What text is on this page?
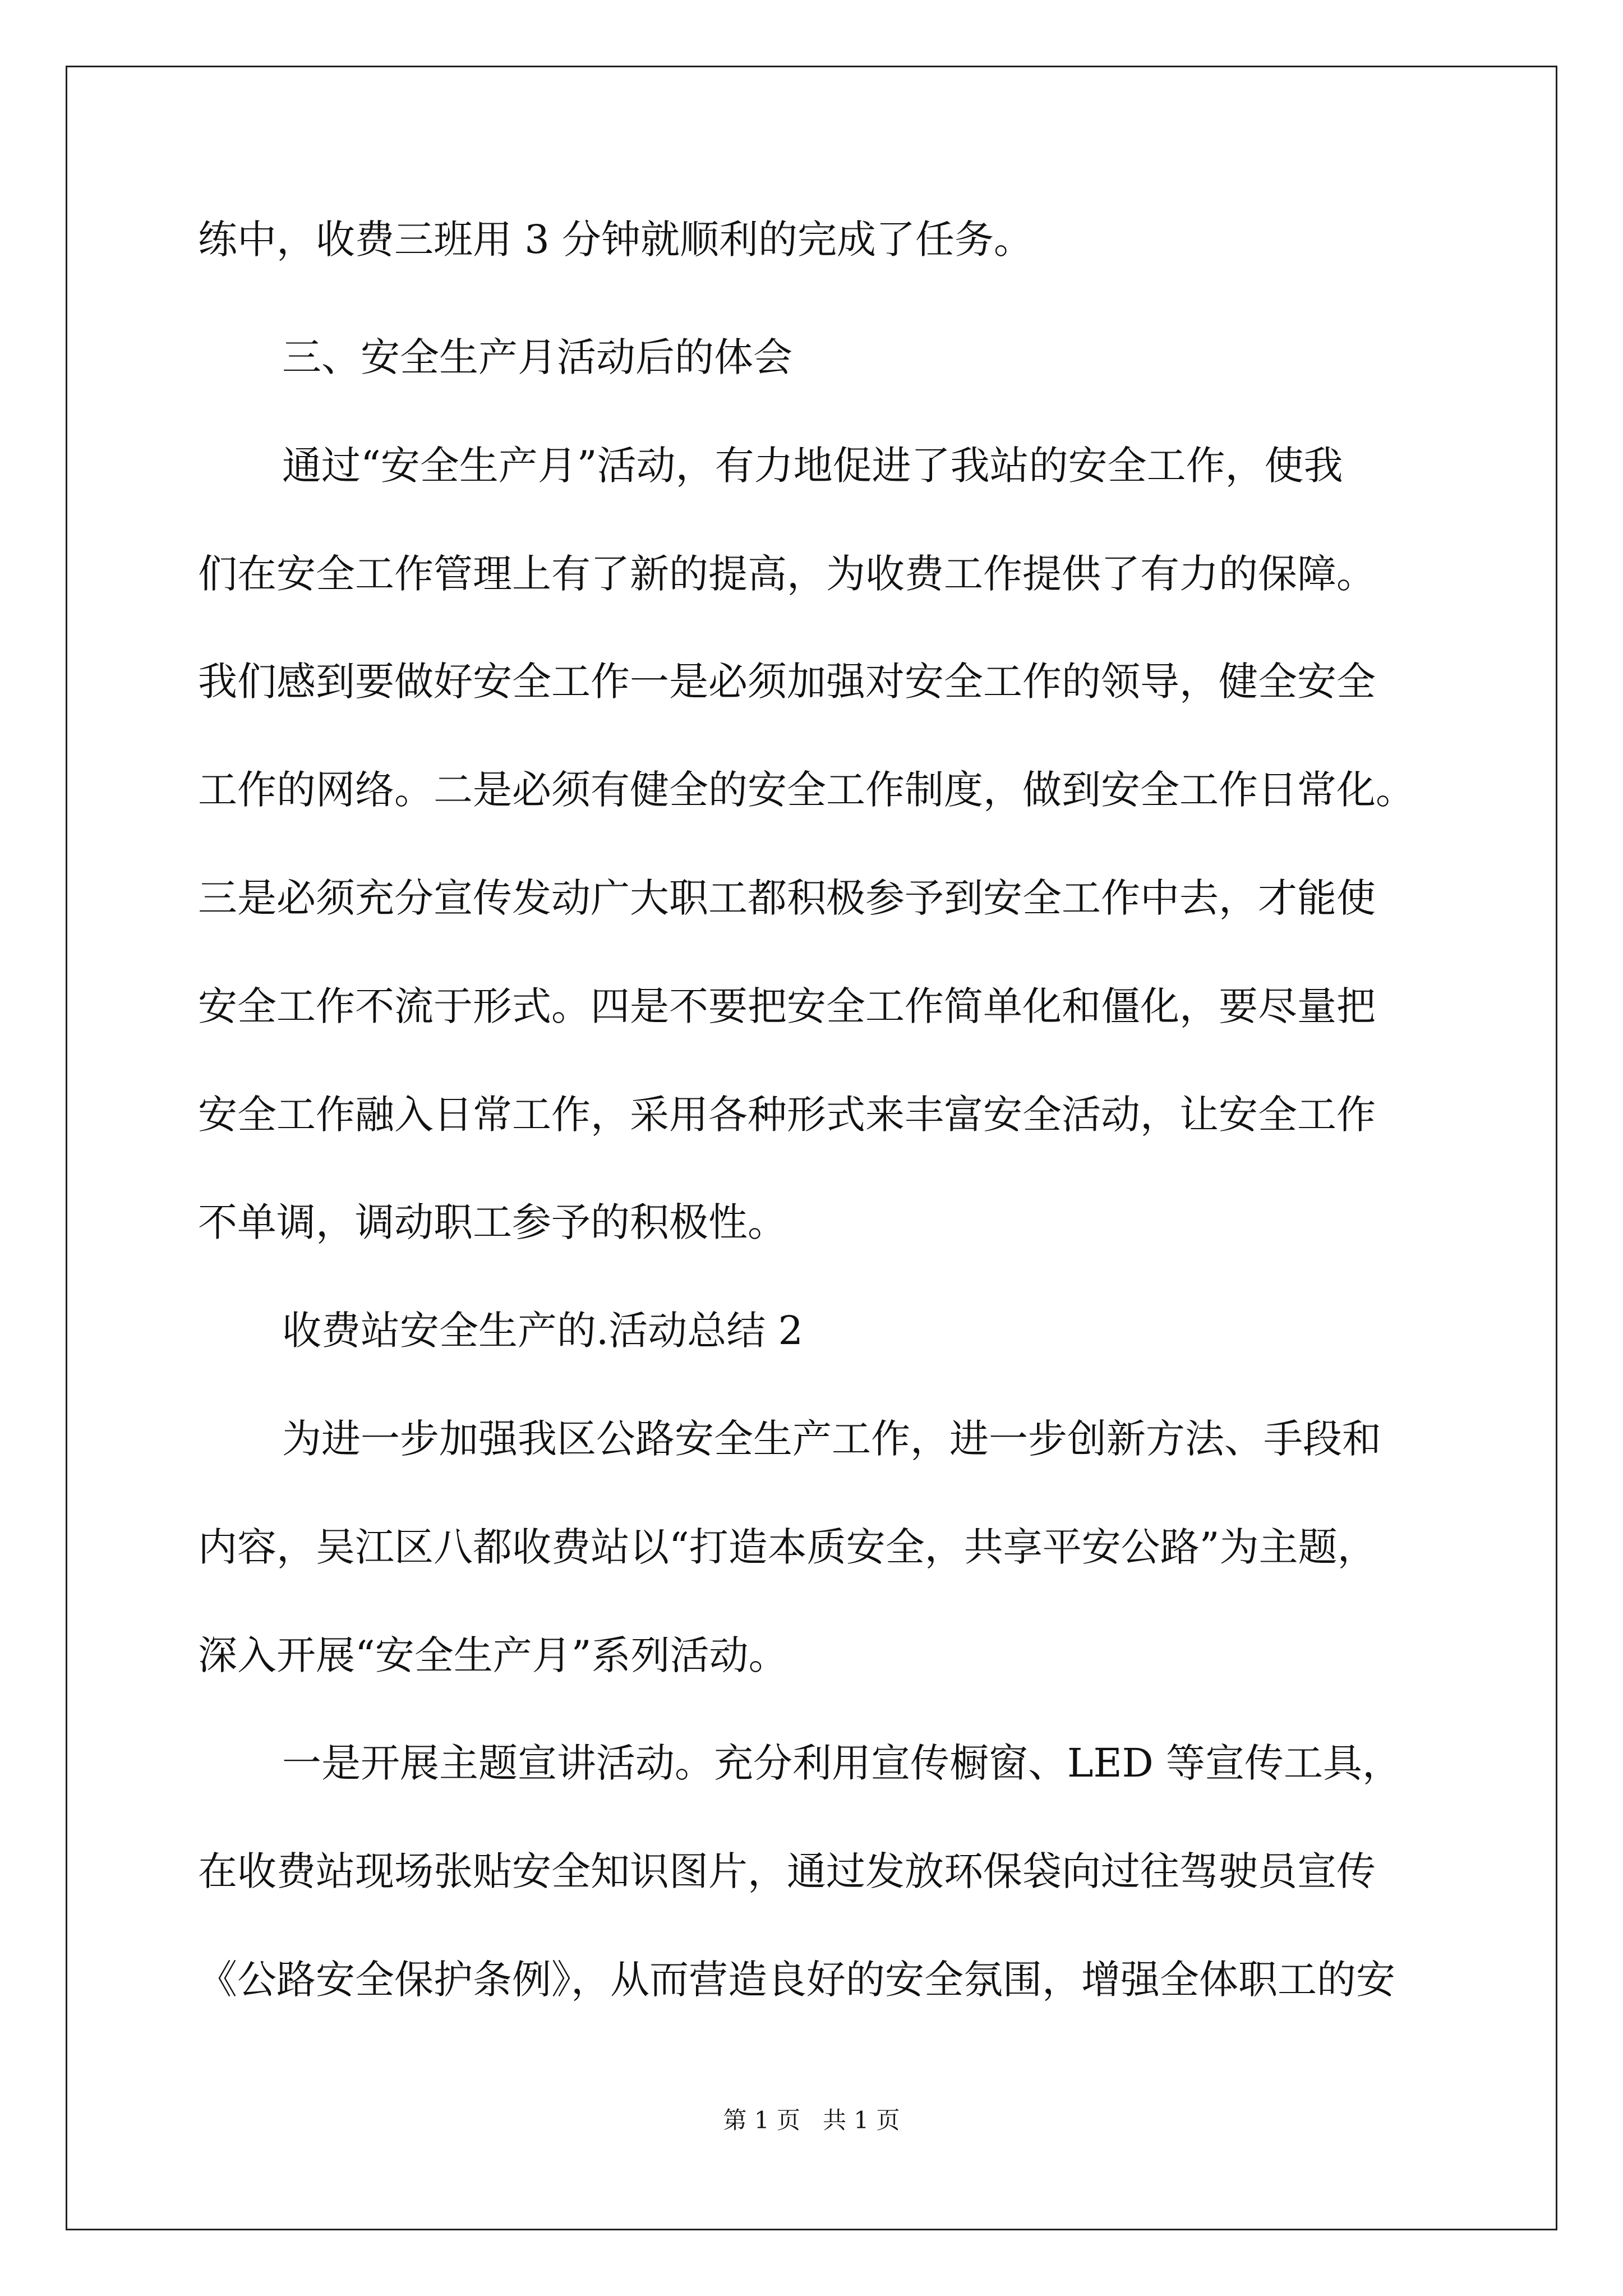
练中，收费三班用 3 分钟就顺利的完成了任务。
三、安全生产月活动后的体会
通过“安全生产月”活动，有力地促进了我站的安全工作，使我
们在安全工作管理上有了新的提高，为收费工作提供了有力的保障。
我们感到要做好安全工作一是必须加强对安全工作的领导，健全安全
工作的网络。二是必须有健全的安全工作制度，做到安全工作日常化。
三是必须充分宣传发动广大职工都积极参予到安全工作中去，才能使
安全工作不流于形式。四是不要把安全工作简单化和僵化，要尽量把
安全工作融入日常工作，采用各种形式来丰富安全活动，让安全工作
不单调，调动职工参予的积极性。
收费站安全生产的.活动总结 2
为进一步加强我区公路安全生产工作，进一步创新方法、手段和
内容，吴江区八都收费站以“打造本质安全，共享平安公路”为主题，
深入开展“安全生产月”系列活动。
一是开展主题宣讲活动。充分利用宣传橱窗、LED 等宣传工具，
在收费站现场张贴安全知识图片，通过发放环保袋向过往驾驶员宣传
《公路安全保护条例》，从而营造良好的安全氛围，增强全体职工的安
第 1 页 共 1 页
